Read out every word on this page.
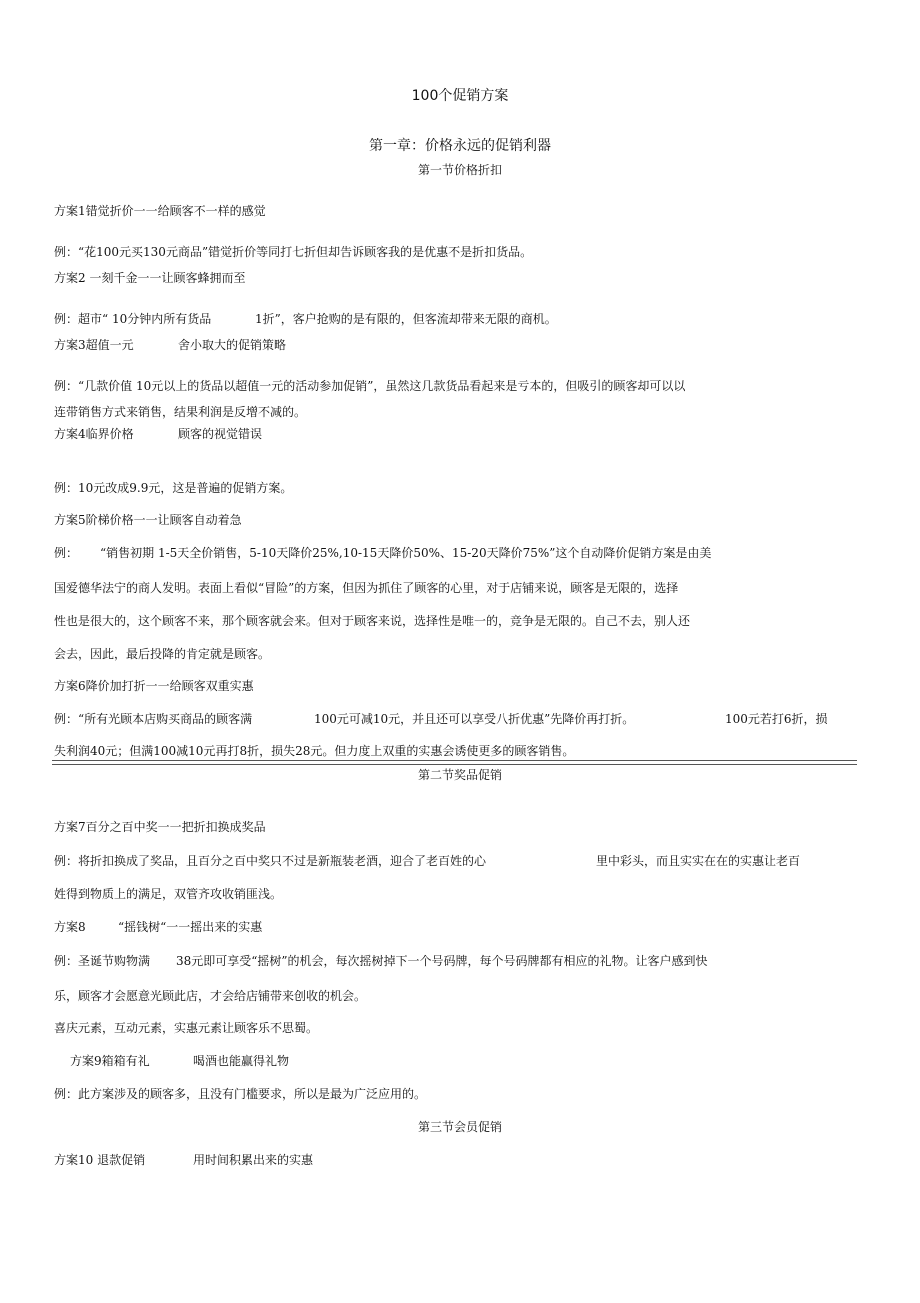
100个促销方案
第一章：价格永远的促销利器
第一节价格折扣
方案1错觉折价一一给顾客不一样的感觉
例：“花100元买130元商品”错觉折价等同打七折但却告诉顾客我的是优惠不是折扣货品。
方案2 一刻千金一一让顾客蜂拥而至
例：超市“ 10分钟内所有货品	1折”，客户抢购的是有限的，但客流却带来无限的商机。
方案3超值一元	舍小取大的促销策略
例：“几款价值 10元以上的货品以超值一元的活动参加促销”，虽然这几款货品看起来是亏本的，但吸引的顾客却可以以
连带销售方式来销售，结果利润是反增不减的。
方案4临界价格	顾客的视觉错误
例：10元改成9.9元，这是普遍的促销方案。
方案5阶梯价格一一让顾客自动着急
例： “销售初期 1-5天全价销售，5-10天降价25%,10-15天降价50%、15-20天降价75%”这个自动降价促销方案是由美
国爱德华法宁的商人发明。表面上看似“冒险”的方案，但因为抓住了顾客的心里，对于店铺来说，顾客是无限的，选择
性也是很大的，这个顾客不来，那个顾客就会来。但对于顾客来说，选择性是唯一的，竞争是无限的。自己不去，别人还
会去，因此，最后投降的肯定就是顾客。
方案6降价加打折一一给顾客双重实惠
例：“所有光顾本店购买商品的顾客满	100元可减10元，并且还可以享受八折优惠”先降价再打折。	100元若打6折，损
失利润40元；但满100减10元再打8折，损失28元。但力度上双重的实惠会诱使更多的顾客销售。
第二节奖品促销
方案7百分之百中奖一一把折扣换成奖品
例：将折扣换成了奖品，且百分之百中奖只不过是新瓶装老酒，迎合了老百姓的心	里中彩头，而且实实在在的实惠让老百
姓得到物质上的满足，双管齐攻收销匪浅。
方案8	“摇钱树“一一摇出来的实惠
例：圣诞节购物满 38元即可享受“摇树”的机会，每次摇树掉下一个号码牌，每个号码牌都有相应的礼物。让客户感到快
乐，顾客才会愿意光顾此店，才会给店铺带来创收的机会。
喜庆元素，互动元素，实惠元素让顾客乐不思蜀。
方案9箱箱有礼	喝酒也能赢得礼物
例：此方案涉及的顾客多，且没有门槛要求，所以是最为广泛应用的。
第三节会员促销
方案10 退款促销	用时间积累出来的实惠
